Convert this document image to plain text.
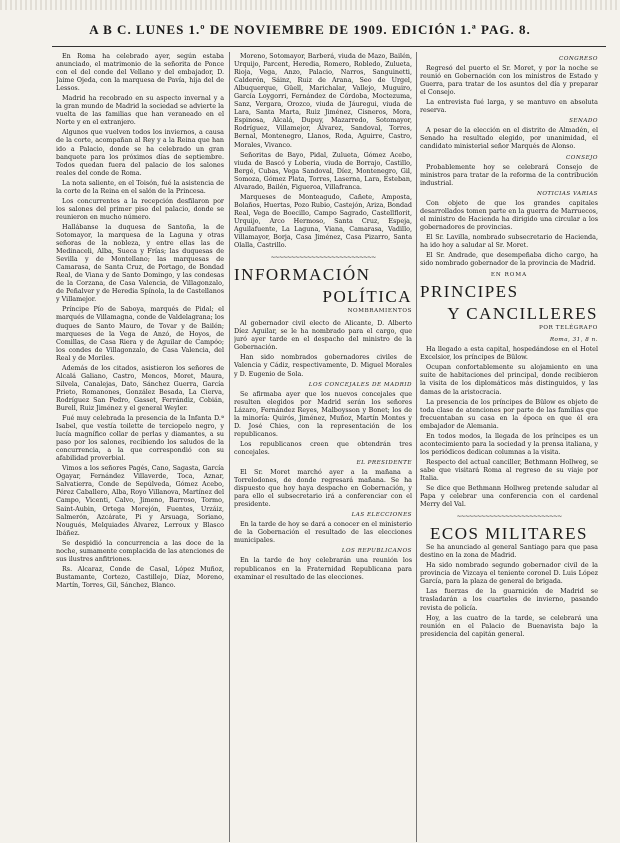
A B C. LUNES 1.º DE NOVIEMBRE DE 1909. EDICIÓN 1.ª PAG. 8.

En Roma ha celebrado ayer, según estaba anunciado, el matrimonio de la señorita de Ponce con el del conde del Vellano y del embajador, D. Jaime Ojeda, con la marquesa de Pavía, hija del de Lessos.

Madrid ha recobrado en su aspecto invernal y a la gran mundo de Madrid la sociedad se advierte la vuelta de las familias que han veraneado en el Norte y en el extranjero.

Algunos que vuelven todos los inviernos, a causa de la corte, acompañan al Rey y a la Reina que han ido a Palacio, donde se ha celebrado un gran banquete para los próximos días de septiembre. Todos quedan fuera del palacio de los salones reales del conde de Roma.

La nota saliente, en el Toisón, fué la asistencia de la corte de la Reina en el salón de la Princesa.

Los concurrentes a la recepción desfilaron por los salones del primer piso del palacio, donde se reunieron en mucho número.

Hallábanse la duquesa de Santoña, la de Sotomayor, la marquesa de la Laguna y otras señoras de la nobleza, y entre ellas las de Medinaceli, Alba, Sueca y Frías; las duquesas de Sevilla y de Montellano; las marquesas de Camarasa, de Santa Cruz, de Portago, de Bondad Real, de Viana y de Santo Domingo, y las condesas de la Corzana, de Casa Valencia, de Villagonzalo, de Peñalver y de Heredia Spínola, la de Castellanos y Villamejor.

Príncipe Pío de Saboya, marqués de Pidal; el marqués de Villamagna, conde de Valdelagrana; los duques de Santo Mauro, de Tovar y de Bailén; marqueses de la Vega de Anzó, de Hoyos, de Comillas, de Casa Riera y de Aguilar de Campóo; los condes de Villagonzalo, de Casa Valencia, del Real y de Moriles.

Además de los citados, asistieron los señores de Alcalá Galiano, Castro, Mencos, Moret, Maura, Silvela, Canalejas, Dato, Sánchez Guerra, García Prieto, Romanones, González Besada, La Cierva, Rodríguez San Pedro, Gasset, Ferrándiz, Cobián, Burell, Ruiz Jiménez y el general Weyler.

Fué muy celebrada la presencia de la Infanta D.ª Isabel, que vestía toilette de terciopelo negro, y lucía magnífico collar de perlas y diamantes, a su paso por los salones, recibiendo los saludos de la concurrencia, a la que correspondió con su afabilidad proverbial.

Vimos a los señores Pagés, Cano, Sagasta, García Ogayar, Fernández Villaverde, Toca, Aznar, Salvatierra, Conde de Sepúlveda, Gómez Acebo, Pérez Caballero, Alba, Royo Villanova, Martínez del Campo, Vicenti, Calvo, Jimeno, Barroso, Tormo, Saint-Aubin, Ortega Morejón, Fuentes, Urzáiz, Salmerón, Azcárate, Pi y Arsuaga, Soriano, Nougués, Melquiades Álvarez, Lerroux y Blasco Ibáñez.

Se despidió la concurrencia a las doce de la noche, sumamente complacida de las atenciones de sus ilustres anfitriones.

Rs. Alcaraz, Conde de Casal, López Muñoz, Bustamante, Cortezo, Castillejo, Díaz, Moreno, Martín, Torres, Gil, Sánchez, Blanco.

Moreno, Sotomayor, Barberá, viuda de Mazo, Bailén, Urquijo, Parcent, Heredia, Romero, Robledo, Zulueta, Rioja, Vega, Anzo, Palacio, Narros, Sanguinetti, Calderón, Sáinz, Ruiz de Arana, Seo de Urgel, Albuquerque, Güell, Marichalar, Vallejo, Muguiro, García Loygorri, Fernández de Córdoba, Moctezuma, Sanz, Vergara, Orozco, viuda de Jáuregui, viuda de Lara, Santa Marta, Ruiz Jiménez, Cisneros, Mora, Espinosa, Alcalá, Dupuy, Mazarredo, Sotomayor, Rodríguez, Villamejor, Álvarez, Sandoval, Torres, Bernal, Montenegro, Llanos, Roda, Aguirre, Castro, Morales, Vivanco.

Señoritas de Bayo, Pidal, Zulueta, Gómez Acebo, viuda de Bascó y Loberia, viuda de Borrajo, Castillo, Bergé, Cubas, Vega Sandoval, Díez, Montenegro, Gil, Somoza, Gómez Plata, Torres, Laserna, Lara, Esteban, Alvarado, Bailén, Figueroa, Villafranca.

Marqueses de Monteagudo, Cañete, Amposta, Bolaños, Huertas, Pozo Rubio, Castejón, Ariza, Bondad Real, Vega de Boecillo, Campo Sagrado, Castellflorit, Urquijo, Arco Hermoso, Santa Cruz, Espeja, Aguilafuente, La Laguna, Viana, Camarasa, Vadillo, Villamayor, Borja, Casa Jiménez, Casa Pizarro, Santa Olalla, Castrillo.

~~~~~~~~~~~~~~~~~~~~~~~~~~
INFORMACIÓN
POLÍTICA
NOMBRAMIENTOS

Al gobernador civil electo de Alicante, D. Alberto Díez Aguilar, se le ha nombrado para el cargo, que juró ayer tarde en el despacho del ministro de la Gobernación.

Han sido nombrados gobernadores civiles de Valencia y Cádiz, respectivamente, D. Miguel Morales y D. Eugenio de Sola.

LOS CONCEJALES DE MADRID

Se afirmaba ayer que los nuevos concejales que resulten elegidos por Madrid serán los señores Lázaro, Fernández Reyes, Malboysson y Bonet; los de la minoría: Quirós, Jiménez, Muñoz, Martín Montes y D. José Chies, con la representación de los republicanos.

Los republicanos creen que obtendrán tres concejales.

EL PRESIDENTE

El Sr. Moret marchó ayer a la mañana a Torrelodones, de donde regresará mañana. Se ha dispuesto que hoy haya despacho en Gobernación, y para ello el subsecretario irá a conferenciar con el presidente.

LAS ELECCIONES

En la tarde de hoy se dará a conocer en el ministerio de la Gobernación el resultado de las elecciones municipales.

LOS REPUBLICANOS

En la tarde de hoy celebrarán una reunión los republicanos en la Fraternidad Republicana para examinar el resultado de las elecciones.

CONGRESO

Regresó del puerto el Sr. Moret, y por la noche se reunió en Gobernación con los ministros de Estado y Guerra, para tratar de los asuntos del día y preparar el Consejo.

La entrevista fué larga, y se mantuvo en absoluta reserva.

SENADO

A pesar de la elección en el distrito de Almadén, el Senado ha resultado elegido, por unanimidad, el candidato ministerial señor Marqués de Alonso.

CONSEJO

Probablemente hoy se celebrará Consejo de ministros para tratar de la reforma de la contribución industrial.

NOTICIAS VARIAS

Con objeto de que los grandes capitales desarrollados tomen parte en la guerra de Marruecos, el ministro de Hacienda ha dirigido una circular a los gobernadores de provincias.

El Sr. Lavilla, nombrado subsecretario de Hacienda, ha ido hoy a saludar al Sr. Moret.

El Sr. Andrade, que desempeñaba dicho cargo, ha sido nombrado gobernador de la provincia de Madrid.

EN ROMA
PRINCIPES
Y CANCILLERES
POR TELÉGRAFO
Roma, 31, 8 n.

Ha llegado a esta capital, hospedándose en el Hotel Excelsior, los príncipes de Bülow.

Ocupan confortablemente su alojamiento en una suite de habitaciones del principal, donde recibieron la visita de los diplomáticos más distinguidos, y las damas de la aristocracia.

La presencia de los príncipes de Bülow es objeto de toda clase de atenciones por parte de las familias que frecuentaban su casa en la época en que él era embajador de Alemania.

En todos modos, la llegada de los príncipes es un acontecimiento para la sociedad y la prensa italiana, y los periódicos dedican columnas a la visita.

Respecto del actual canciller, Bethmann Hollweg, se sabe que visitará Roma al regreso de su viaje por Italia.

Se dice que Bethmann Hollweg pretende saludar al Papa y celebrar una conferencia con el cardenal Merry del Val.

~~~~~~~~~~~~~~~~~~~~~~~~~~
ECOS MILITARES

Se ha anunciado al general Santiago para que pasa destino en la zona de Madrid.

Ha sido nombrado segundo gobernador civil de la provincia de Vizcaya el teniente coronel D. Luis López García, para la plaza de general de brigada.

Las fuerzas de la guarnición de Madrid se trasladarán a los cuarteles de invierno, pasando revista de policía.

Hoy, a las cuatro de la tarde, se celebrará una reunión en el Palacio de Buenavista bajo la presidencia del capitán general.
